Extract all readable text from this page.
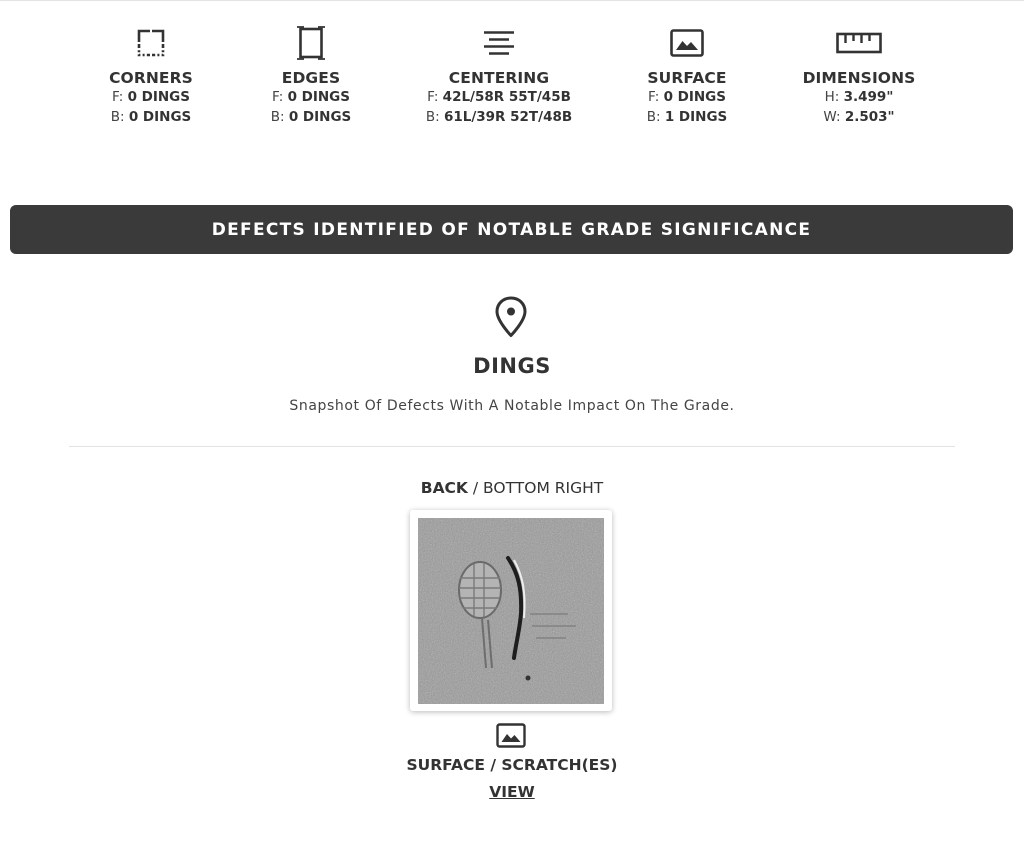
CORNERS
F: 0 DINGS
B: 0 DINGS
EDGES
F: 0 DINGS
B: 0 DINGS
CENTERING
F: 42L/58R 55T/45B
B: 61L/39R 52T/48B
SURFACE
F: 0 DINGS
B: 1 DINGS
DIMENSIONS
H: 3.499"
W: 2.503"
DEFECTS IDENTIFIED OF NOTABLE GRADE SIGNIFICANCE
DINGS
Snapshot Of Defects With A Notable Impact On The Grade.
BACK / BOTTOM RIGHT
SURFACE / SCRATCH(ES)
VIEW
